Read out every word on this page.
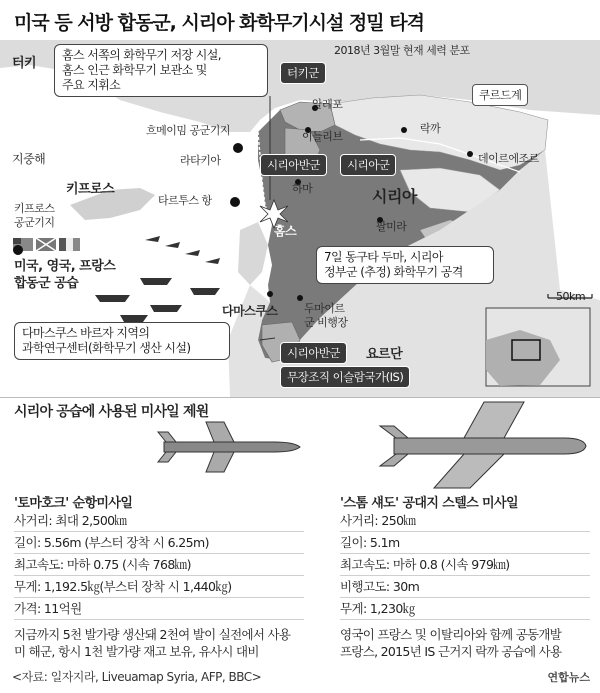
미국 등 서방 합동군, 시리아 화학무기시설 정밀 타격
2018년 3월말 현재 세력 분포
터키
지중해
키프로스	시리아
요르단
흐메이밈 공군기지
라타키아
타르투스 항
키프로스
공군기지
알레포
이들리브
락까
데이르에조르
하마
홈스	팔미라
다마스쿠스 두마이르
군 비행장
50km
터키군
쿠르드계
시리아반군	시리아군
시리아반군
무장조직 이슬람국가(IS)
홈스 서쪽의 화학무기 저장 시설,
홈스 인근 화학무기 보관소 및
주요 지휘소
7일 동구타 두마, 시리아
정부군 (추정) 화학무기 공격
다마스쿠스 바르자 지역의
과학연구센터(화학무기 생산 시설)
미국, 영국, 프랑스
합동군 공습
시리아 공습에 사용된 미사일 제원
'토마호크' 순항미사일
사거리: 최대 2,500㎞
길이: 5.56m (부스터 장착 시 6.25m)
최고속도: 마하 0.75 (시속 768㎞)
무게: 1,192.5㎏(부스터 장착 시 1,440㎏)
가격: 11억원
지금까지 5천 발가량 생산돼 2천여 발이 실전에서 사용
미 해군, 항시 1천 발가량 재고 보유, 유사시 대비
'스톰 섀도' 공대지 스텔스 미사일
사거리: 250㎞
길이: 5.1m
최고속도: 마하 0.8 (시속 979㎞)
비행고도: 30m
무게: 1,230㎏
영국이 프랑스 및 이탈리아와 함께 공동개발
프랑스, 2015년 IS 근거지 락까 공습에 사용
<자료: 일자지라, Liveuamap Syria, AFP, BBC>	연합뉴스
